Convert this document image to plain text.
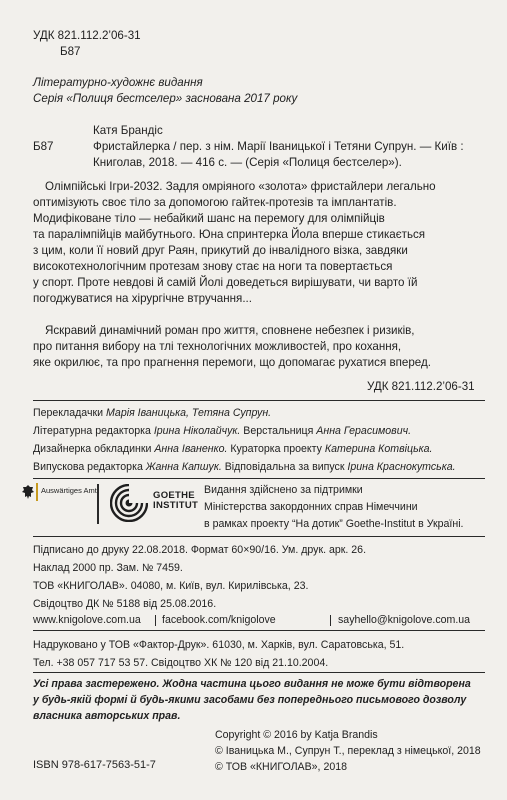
УДК 821.112.2’06-31
Б87
Літературно-художнє видання
Серія «Полиця бестселер» заснована 2017 року
Б87
Катя Брандіс
Фристайлерка / пер. з нім. Марії Іваницької і Тетяни Супрун. — Київ :
Книголав, 2018. — 416 с. — (Серія «Полиця бестселер»).
Олімпійські Ігри-2032. Задля омріяного «золота» фристайлери легально
оптимізують своє тіло за допомогою гайтек-протезів та імплантатів.
Модифіковане тіло — небайкий шанс на перемогу для олімпійців
та паралімпійців майбутнього. Юна спринтерка Йола вперше стикається
з цим, коли її новий друг Раян, прикутий до інвалідного візка, завдяки
високотехнологічним протезам знову стає на ноги та повертається
у спорт. Проте невдові й самій Йолі доведеться вирішувати, чи варто їй
погоджуватися на хірургічне втручання...
Яскравий динамічний роман про життя, сповнене небезпек і ризиків,
про питання вибору на тлі технологічних можливостей, про кохання,
яке окрилює, та про прагнення перемоги, що допомагає рухатися вперед.
УДК 821.112.2’06-31
Перекладачки Марія Іваницька, Тетяна Супрун.
Літературна редакторка Ірина Ніколайчук. Верстальниця Анна Герасимович.
Дизайнерка обкладинки Анна Іваненко. Кураторка проекту Катерина Котвіцька.
Випускова редакторка Жанна Капшук. Відповідальна за випуск Ірина Краснокутська.
Auswärtiges Amt	GOETHE
INSTITUT
Видання здійснено за підтримки
Міністерства закордонних справ Німеччини
в рамках проекту “На дотик” Goethe-Institut в Україні.
Підписано до друку 22.08.2018. Формат 60×90/16. Ум. друк. арк. 26.
Наклад 2000 пр. Зам. № 7459.
ТОВ «КНИГОЛАВ». 04080, м. Київ, вул. Кирилівська, 23.
Свідоцтво ДК № 5188 від 25.08.2016.
www.knigolove.com.ua facebook.com/knigolove	sayhello@knigolove.com.ua
Надруковано у ТОВ «Фактор-Друк». 61030, м. Харків, вул. Саратовська, 51.
Тел. +38 057 717 53 57. Свідоцтво ХК № 120 від 21.10.2004.
Усі права застережено. Жодна частина цього видання не може бути відтворена
у будь-якій формі й будь-якими засобами без попереднього письмового дозволу
власника авторських прав.
Copyright © 2016 by Katja Brandis
© Іваницька М., Супрун Т., переклад з німецької, 2018
© ТОВ «КНИГОЛАВ», 2018
ISBN 978-617-7563-51-7
